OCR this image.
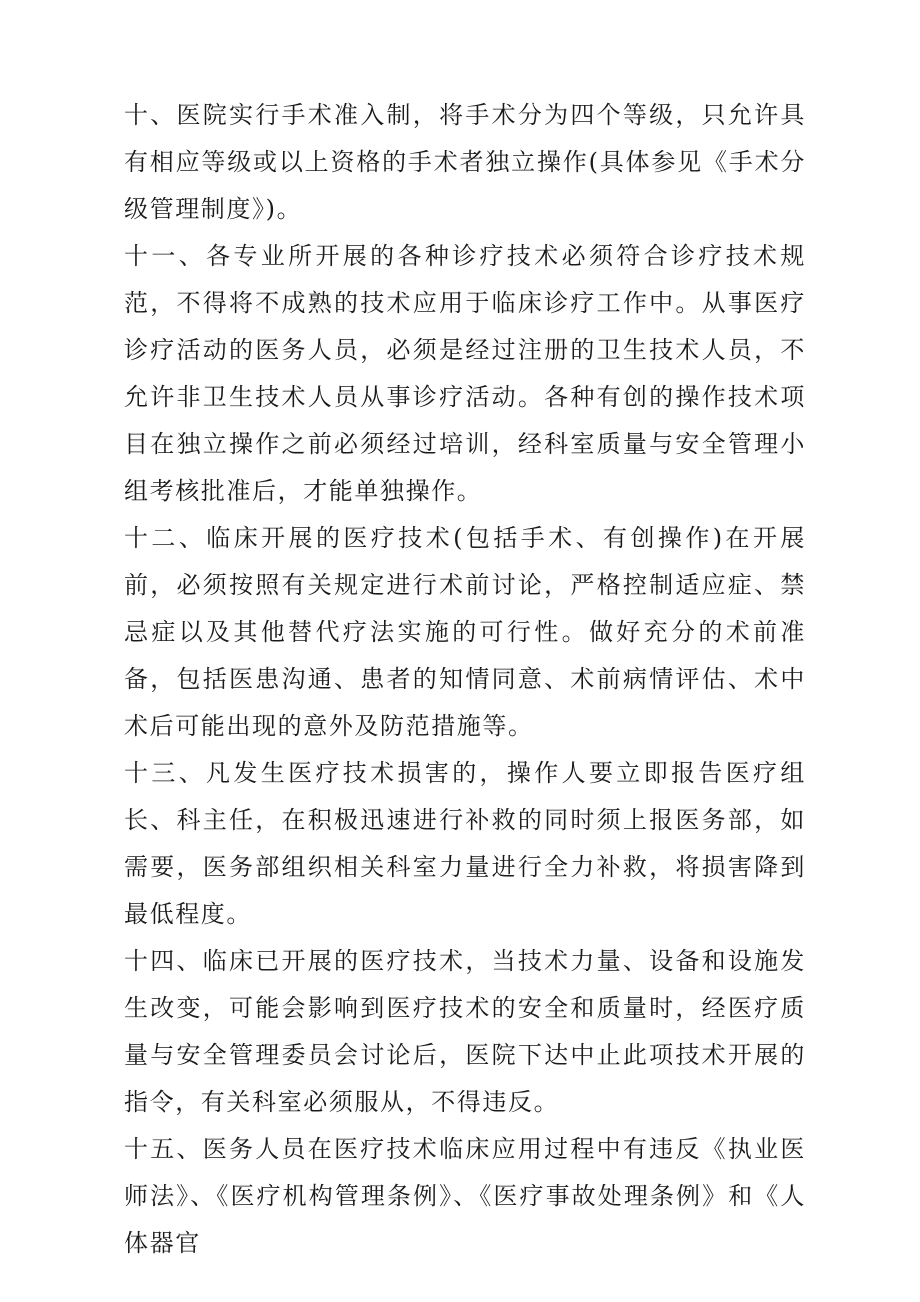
十、医院实行手术准入制，将手术分为四个等级，只允许具有相应等级或以上资格的手术者独立操作(具体参见《手术分级管理制度》)。

十一、各专业所开展的各种诊疗技术必须符合诊疗技术规范，不得将不成熟的技术应用于临床诊疗工作中。从事医疗诊疗活动的医务人员，必须是经过注册的卫生技术人员，不允许非卫生技术人员从事诊疗活动。各种有创的操作技术项目在独立操作之前必须经过培训，经科室质量与安全管理小组考核批准后，才能单独操作。

十二、临床开展的医疗技术(包括手术、有创操作)在开展前，必须按照有关规定进行术前讨论，严格控制适应症、禁忌症以及其他替代疗法实施的可行性。做好充分的术前准备，包括医患沟通、患者的知情同意、术前病情评估、术中术后可能出现的意外及防范措施等。

十三、凡发生医疗技术损害的，操作人要立即报告医疗组长、科主任，在积极迅速进行补救的同时须上报医务部，如需要，医务部组织相关科室力量进行全力补救，将损害降到最低程度。

十四、临床已开展的医疗技术，当技术力量、设备和设施发生改变，可能会影响到医疗技术的安全和质量时，经医疗质量与安全管理委员会讨论后，医院下达中止此项技术开展的指令，有关科室必须服从，不得违反。

十五、医务人员在医疗技术临床应用过程中有违反《执业医师法》、《医疗机构管理条例》、《医疗事故处理条例》和《人体器官
